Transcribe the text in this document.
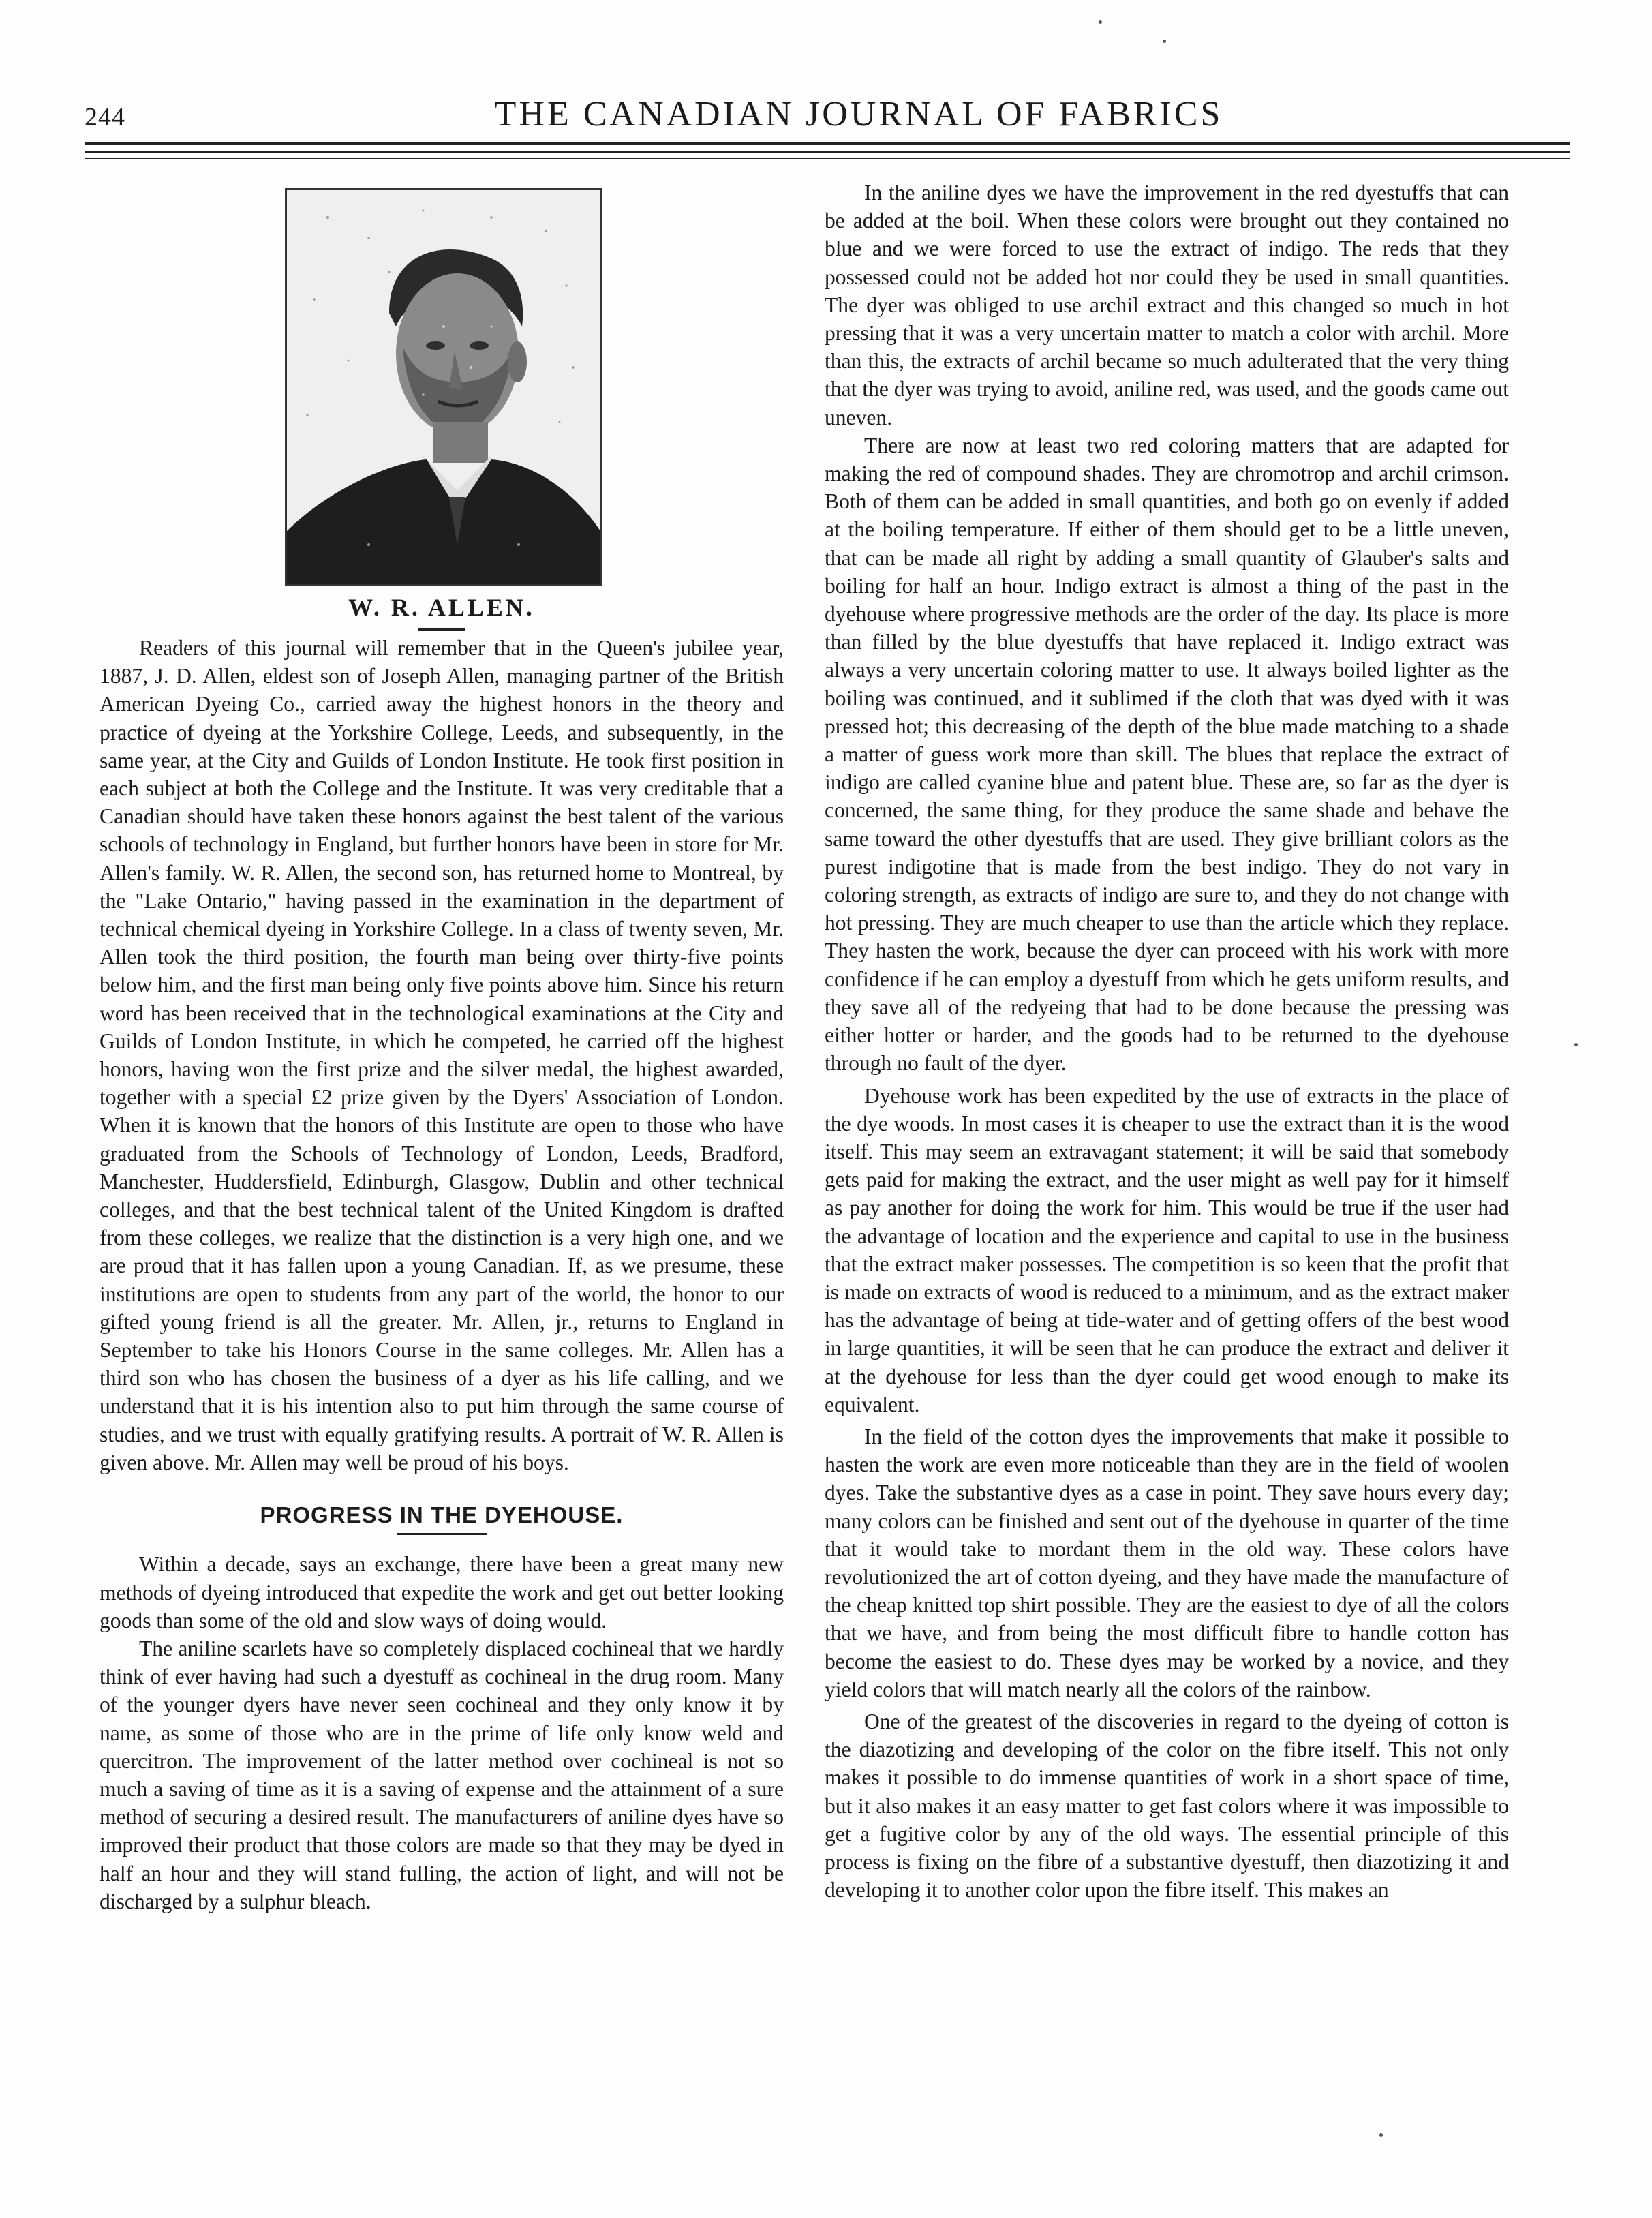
244	THE CANADIAN JOURNAL OF FABRICS
W. R. ALLEN.

Readers of this journal will remember that in the Queen's jubilee year, 1887, J. D. Allen, eldest son of Joseph Allen, managing partner of the British American Dyeing Co., carried away the highest honors in the theory and practice of dyeing at the Yorkshire College, Leeds, and subsequently, in the same year, at the City and Guilds of London Institute. He took first position in each subject at both the College and the Institute. It was very creditable that a Canadian should have taken these honors against the best talent of the various schools of technology in England, but further honors have been in store for Mr. Allen's family. W. R. Allen, the second son, has returned home to Montreal, by the "Lake Ontario," having passed in the examination in the department of technical chemical dyeing in Yorkshire College. In a class of twenty seven, Mr. Allen took the third position, the fourth man being over thirty-five points below him, and the first man being only five points above him. Since his return word has been received that in the technological examinations at the City and Guilds of London Institute, in which he competed, he carried off the highest honors, having won the first prize and the silver medal, the highest awarded, together with a special £2 prize given by the Dyers' Association of London. When it is known that the honors of this Institute are open to those who have graduated from the Schools of Technology of London, Leeds, Bradford, Manchester, Huddersfield, Edinburgh, Glasgow, Dublin and other technical colleges, and that the best technical talent of the United Kingdom is drafted from these colleges, we realize that the distinction is a very high one, and we are proud that it has fallen upon a young Canadian. If, as we presume, these institutions are open to students from any part of the world, the honor to our gifted young friend is all the greater. Mr. Allen, jr., returns to England in September to take his Honors Course in the same colleges. Mr. Allen has a third son who has chosen the business of a dyer as his life calling, and we understand that it is his intention also to put him through the same course of studies, and we trust with equally gratifying results. A portrait of W. R. Allen is given above. Mr. Allen may well be proud of his boys.

PROGRESS IN THE DYEHOUSE.

Within a decade, says an exchange, there have been a great many new methods of dyeing introduced that expedite the work and get out better looking goods than some of the old and slow ways of doing would.

The aniline scarlets have so completely displaced cochineal that we hardly think of ever having had such a dyestuff as cochineal in the drug room. Many of the younger dyers have never seen cochineal and they only know it by name, as some of those who are in the prime of life only know weld and quercitron. The improvement of the latter method over cochineal is not so much a saving of time as it is a saving of expense and the attainment of a sure method of securing a desired result. The manufacturers of aniline dyes have so improved their product that those colors are made so that they may be dyed in half an hour and they will stand fulling, the action of light, and will not be discharged by a sulphur bleach.

In the aniline dyes we have the improvement in the red dyestuffs that can be added at the boil. When these colors were brought out they contained no blue and we were forced to use the extract of indigo. The reds that they possessed could not be added hot nor could they be used in small quantities. The dyer was obliged to use archil extract and this changed so much in hot pressing that it was a very uncertain matter to match a color with archil. More than this, the extracts of archil became so much adulterated that the very thing that the dyer was trying to avoid, aniline red, was used, and the goods came out uneven.

There are now at least two red coloring matters that are adapted for making the red of compound shades. They are chromotrop and archil crimson. Both of them can be added in small quantities, and both go on evenly if added at the boiling temperature. If either of them should get to be a little uneven, that can be made all right by adding a small quantity of Glauber's salts and boiling for half an hour. Indigo extract is almost a thing of the past in the dyehouse where progressive methods are the order of the day. Its place is more than filled by the blue dyestuffs that have replaced it. Indigo extract was always a very uncertain coloring matter to use. It always boiled lighter as the boiling was continued, and it sublimed if the cloth that was dyed with it was pressed hot; this decreasing of the depth of the blue made matching to a shade a matter of guess work more than skill. The blues that replace the extract of indigo are called cyanine blue and patent blue. These are, so far as the dyer is concerned, the same thing, for they produce the same shade and behave the same toward the other dyestuffs that are used. They give brilliant colors as the purest indigotine that is made from the best indigo. They do not vary in coloring strength, as extracts of indigo are sure to, and they do not change with hot pressing. They are much cheaper to use than the article which they replace. They hasten the work, because the dyer can proceed with his work with more confidence if he can employ a dyestuff from which he gets uniform results, and they save all of the redyeing that had to be done because the pressing was either hotter or harder, and the goods had to be returned to the dyehouse through no fault of the dyer.

Dyehouse work has been expedited by the use of extracts in the place of the dye woods. In most cases it is cheaper to use the extract than it is the wood itself. This may seem an extravagant statement; it will be said that somebody gets paid for making the extract, and the user might as well pay for it himself as pay another for doing the work for him. This would be true if the user had the advantage of location and the experience and capital to use in the business that the extract maker possesses. The competition is so keen that the profit that is made on extracts of wood is reduced to a minimum, and as the extract maker has the advantage of being at tide-water and of getting offers of the best wood in large quantities, it will be seen that he can produce the extract and deliver it at the dyehouse for less than the dyer could get wood enough to make its equivalent.

In the field of the cotton dyes the improvements that make it possible to hasten the work are even more noticeable than they are in the field of woolen dyes. Take the substantive dyes as a case in point. They save hours every day; many colors can be finished and sent out of the dyehouse in quarter of the time that it would take to mordant them in the old way. These colors have revolutionized the art of cotton dyeing, and they have made the manufacture of the cheap knitted top shirt possible. They are the easiest to dye of all the colors that we have, and from being the most difficult fibre to handle cotton has become the easiest to do. These dyes may be worked by a novice, and they yield colors that will match nearly all the colors of the rainbow.

One of the greatest of the discoveries in regard to the dyeing of cotton is the diazotizing and developing of the color on the fibre itself. This not only makes it possible to do immense quantities of work in a short space of time, but it also makes it an easy matter to get fast colors where it was impossible to get a fugitive color by any of the old ways. The essential principle of this process is fixing on the fibre of a substantive dyestuff, then diazotizing it and developing it to another color upon the fibre itself. This makes an
